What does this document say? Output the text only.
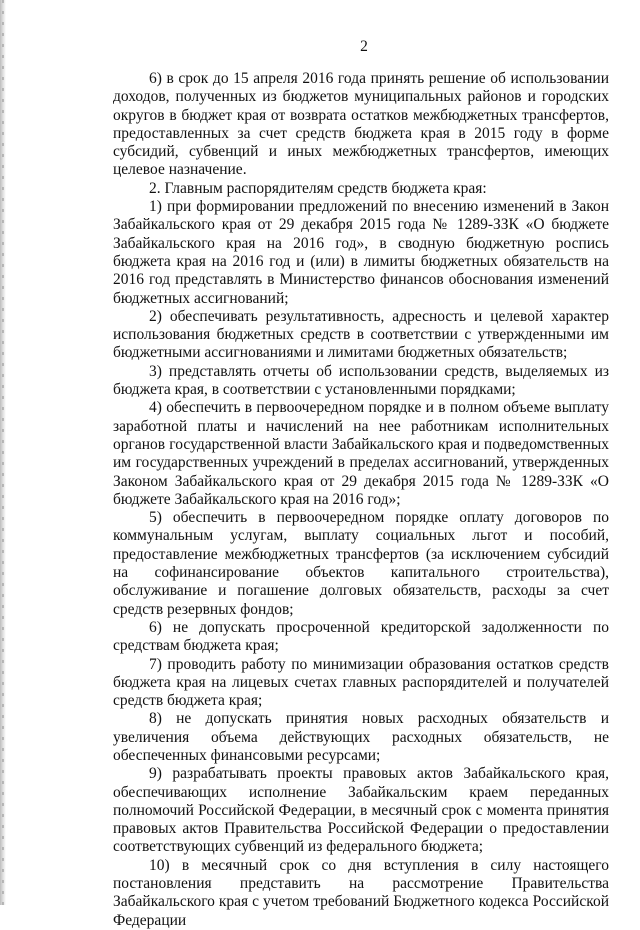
2

6) в срок до 15 апреля 2016 года принять решение об использовании доходов, полученных из бюджетов муниципальных районов и городских округов в бюджет края от возврата остатков межбюджетных трансфертов, предоставленных за счет средств бюджета края в 2015 году в форме субсидий, субвенций и иных межбюджетных трансфертов, имеющих целевое назначение.

2. Главным распорядителям средств бюджета края:

1) при формировании предложений по внесению изменений в Закон Забайкальского края от 29 декабря 2015 года № 1289-ЗЗК «О бюджете Забайкальского края на 2016 год», в сводную бюджетную роспись бюджета края на 2016 год и (или) в лимиты бюджетных обязательств на 2016 год представлять в Министерство финансов обоснования изменений бюджетных ассигнований;

2) обеспечивать результативность, адресность и целевой характер использования бюджетных средств в соответствии с утвержденными им бюджетными ассигнованиями и лимитами бюджетных обязательств;

3) представлять отчеты об использовании средств, выделяемых из бюджета края, в соответствии с установленными порядками;

4) обеспечить в первоочередном порядке и в полном объеме выплату заработной платы и начислений на нее работникам исполнительных органов государственной власти Забайкальского края и подведомственных им государственных учреждений в пределах ассигнований, утвержденных Законом Забайкальского края от 29 декабря 2015 года № 1289-ЗЗК «О бюджете Забайкальского края на 2016 год»;

5) обеспечить в первоочередном порядке оплату договоров по коммунальным услугам, выплату социальных льгот и пособий, предоставление межбюджетных трансфертов (за исключением субсидий на софинансирование объектов капитального строительства), обслуживание и погашение долговых обязательств, расходы за счет средств резервных фондов;

6) не допускать просроченной кредиторской задолженности по средствам бюджета края;

7) проводить работу по минимизации образования остатков средств бюджета края на лицевых счетах главных распорядителей и получателей средств бюджета края;

8) не допускать принятия новых расходных обязательств и увеличения объема действующих расходных обязательств, не обеспеченных финансовыми ресурсами;

9) разрабатывать проекты правовых актов Забайкальского края, обеспечивающих исполнение Забайкальским краем переданных полномочий Российской Федерации, в месячный срок с момента принятия правовых актов Правительства Российской Федерации о предоставлении соответствующих субвенций из федерального бюджета;

10) в месячный срок со дня вступления в силу настоящего постановления представить на рассмотрение Правительства Забайкальского края с учетом требований Бюджетного кодекса Российской Федерации
